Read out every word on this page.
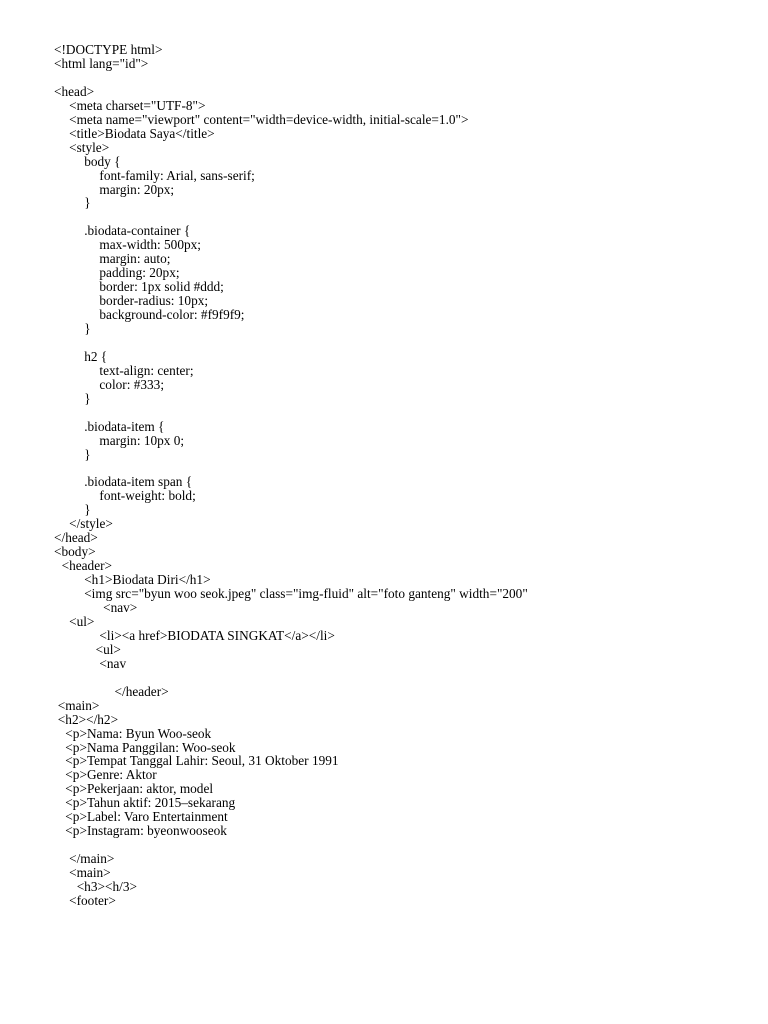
<!DOCTYPE html>
<html lang="id">
<head>
<meta charset="UTF-8">
<meta name="viewport" content="width=device-width, initial-scale=1.0">
<title>Biodata Saya</title>
<style>
body {
font-family: Arial, sans-serif;
margin: 20px;
}
.biodata-container {
max-width: 500px;
margin: auto;
padding: 20px;
border: 1px solid #ddd;
border-radius: 10px;
background-color: #f9f9f9;
}
h2 {
text-align: center;
color: #333;
}
.biodata-item {
margin: 10px 0;
}
.biodata-item span {
font-weight: bold;
}
</style>
</head>
<body>
<header>
<h1>Biodata Diri</h1>
<img src="byun woo seok.jpeg" class="img-fluid" alt="foto ganteng" width="200"
<nav>
<ul>
<li><a href>BIODATA SINGKAT</a></li>
<ul>
<nav
</header>
<main>
<h2></h2>
<p>Nama: Byun Woo-seok
<p>Nama Panggilan: Woo-seok
<p>Tempat Tanggal Lahir: Seoul, 31 Oktober 1991
<p>Genre: Aktor
<p>Pekerjaan: aktor, model
<p>Tahun aktif: 2015–sekarang
<p>Label: Varo Entertainment
<p>Instagram: byeonwooseok
</main>
<main>
<h3><h/3>
<footer>
